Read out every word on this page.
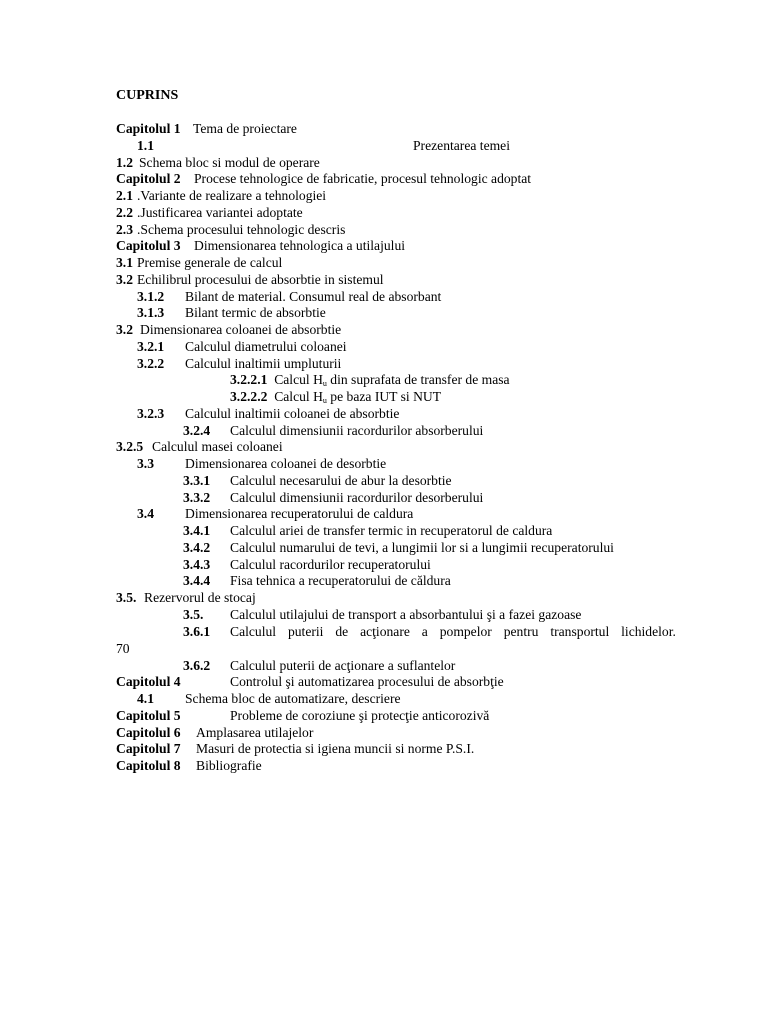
CUPRINS
Capitolul 1 Tema de proiectare
1.1	Prezentarea temei
1.2 Schema bloc si modul de operare
Capitolul 2 Procese tehnologice de fabricatie, procesul tehnologic adoptat
2.1 .Variante de realizare a tehnologiei
2.2 .Justificarea variantei adoptate
2.3 .Schema procesului tehnologic descris
Capitolul 3 Dimensionarea tehnologica a utilajului
3.1 Premise generale de calcul
3.2 Echilibrul procesului de absorbtie in sistemul
3.1.2 Bilant de material. Consumul real de absorbant
3.1.3 Bilant termic de absorbtie
3.2 Dimensionarea coloanei de absorbtie
3.2.1 Calculul diametrului coloanei
3.2.2 Calculul inaltimii umpluturii
3.2.2.1 Calcul $H_u$ din suprafata de transfer de masa
3.2.2.2 Calcul $H_u$ pe baza IUT si NUT
3.2.3 Calculul inaltimii coloanei de absorbtie
3.2.4 Calculul dimensiunii racordurilor absorberului
3.2.5 Calculul masei coloanei
3.3 Dimensionarea coloanei de desorbtie
3.3.1 Calculul necesarului de abur la desorbtie
3.3.2 Calculul dimensiunii racordurilor desorberului
3.4 Dimensionarea recuperatorului de caldura
3.4.1 Calculul ariei de transfer termic in recuperatorul de caldura
3.4.2 Calculul numarului de tevi, a lungimii lor si a lungimii recuperatorului
3.4.3 Calculul racordurilor recuperatorului
3.4.4 Fisa tehnica a recuperatorului de căldura
3.5. Rezervorul de stocaj
3.5. Calculul utilajului de transport a absorbantului şi a fazei gazoase
3.6.1 Calculul puterii de acţionare a pompelor pentru transportul lichidelor.
70
3.6.2 Calculul puterii de acţionare a suflantelor
Capitolul 4	Controlul şi automatizarea procesului de absorbţie
4.1 Schema bloc de automatizare, descriere
Capitolul 5	Probleme de coroziune şi protecţie anticorozivă
Capitolul 6 Amplasarea utilajelor
Capitolul 7 Masuri de protectia si igiena muncii si norme P.S.I.
Capitolul 8 Bibliografie
